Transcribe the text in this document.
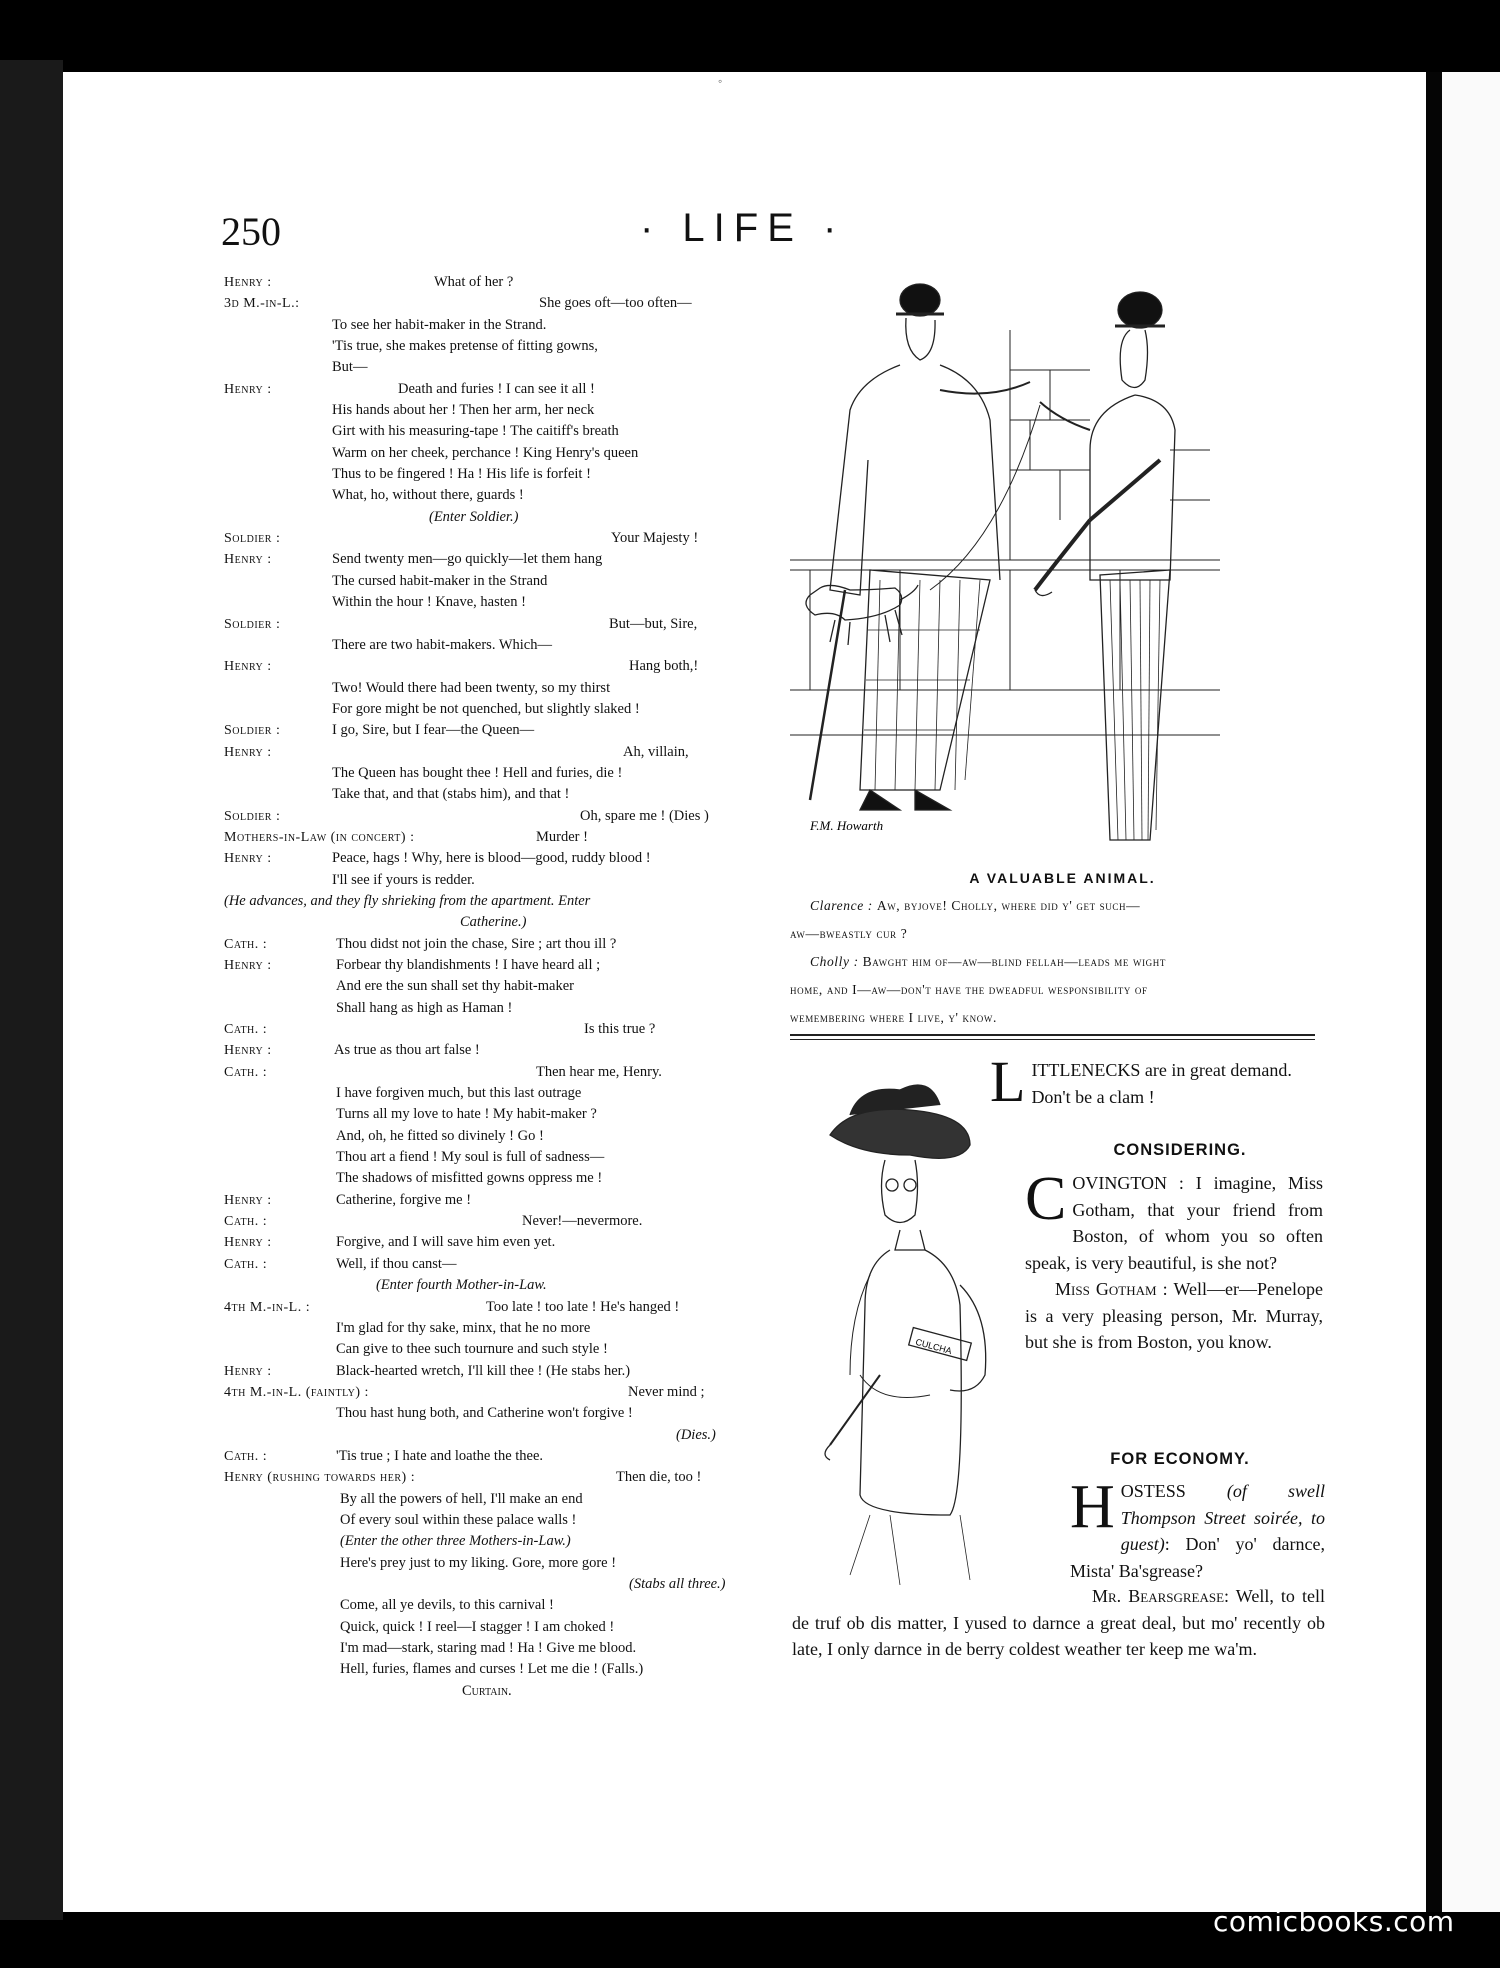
◦
250	· LIFE ·
Henry :	What of her ?
3d M.-in-L.:	She goes oft—too often—
To see her habit-maker in the Strand.
'Tis true, she makes pretense of fitting gowns,
But—
Henry :	Death and furies ! I can see it all !
His hands about her ! Then her arm, her neck
Girt with his measuring-tape ! The caitiff's breath
Warm on her cheek, perchance ! King Henry's queen
Thus to be fingered ! Ha ! His life is forfeit !
What, ho, without there, guards !
(Enter Soldier.)
Soldier :	Your Majesty !
Henry :	Send twenty men—go quickly—let them hang
The cursed habit-maker in the Strand
Within the hour ! Knave, hasten !
Soldier :	But—but, Sire,
There are two habit-makers. Which—
Henry :	Hang both,!
Two! Would there had been twenty, so my thirst
For gore might be not quenched, but slightly slaked !
Soldier :	I go, Sire, but I fear—the Queen—
Henry :	Ah, villain,
The Queen has bought thee ! Hell and furies, die !
Take that, and that (stabs him), and that !
Soldier :	Oh, spare me ! (Dies )
Mothers-in-Law (in concert) :	Murder !
Henry :	Peace, hags ! Why, here is blood—good, ruddy blood !
I'll see if yours is redder.
(He advances, and they fly shrieking from the apartment. Enter
Catherine.)
Cath. :	Thou didst not join the chase, Sire ; art thou ill ?
Henry :	Forbear thy blandishments ! I have heard all ;
And ere the sun shall set thy habit-maker
Shall hang as high as Haman !
Cath. :	Is this true ?
Henry :	As true as thou art false !
Cath. :	Then hear me, Henry.
I have forgiven much, but this last outrage
Turns all my love to hate ! My habit-maker ?
And, oh, he fitted so divinely ! Go !
Thou art a fiend ! My soul is full of sadness—
The shadows of misfitted gowns oppress me !
Henry :	Catherine, forgive me !
Cath. :	Never!—nevermore.
Henry :	Forgive, and I will save him even yet.
Cath. :	Well, if thou canst—
(Enter fourth Mother-in-Law.
4th M.-in-L. :	Too late ! too late ! He's hanged !
I'm glad for thy sake, minx, that he no more
Can give to thee such tournure and such style !
Henry :	Black-hearted wretch, I'll kill thee ! (He stabs her.)
4th M.-in-L. (faintly) :	Never mind ;
Thou hast hung both, and Catherine won't forgive !
(Dies.)
Cath. :	'Tis true ; I hate and loathe the thee.
Henry (rushing towards her) :	Then die, too !
By all the powers of hell, I'll make an end
Of every soul within these palace walls !
(Enter the other three Mothers-in-Law.)
Here's prey just to my liking. Gore, more gore !
(Stabs all three.)
Come, all ye devils, to this carnival !
Quick, quick ! I reel—I stagger ! I am choked !
I'm mad—stark, staring mad ! Ha ! Give me blood.
Hell, furies, flames and curses ! Let me die ! (Falls.)
Curtain.
F.M. Howarth
A VALUABLE ANIMAL.
Clarence : Aw, byjove! Cholly, where did y' get such—
aw—bweastly cur ?
Cholly : Bawght him of—aw—blind fellah—leads me wight
home, and I—aw—don't have the dweadful wesponsibility of
wemembering where I live, y' know.
CULCHA
LITTLENECKS are in great demand. Don't be a clam !
CONSIDERING.
COVINGTON : I imagine, Miss Gotham, that your friend from Boston, of whom you so often speak, is very beautiful, is she not?
Miss Gotham : Well—er—Penelope is a very pleasing person, Mr. Murray, but she is from Boston, you know.
FOR ECONOMY.
HOSTESS (of swell Thompson Street soirée, to guest): Don' yo' darnce, Mista' Ba'sgrease?
Mr. Bearsgrease: Well, to tell de truf ob dis matter, I yused to darnce a great deal, but mo' recently ob late, I only darnce in de berry coldest weather ter keep me wa'm.
comicbooks.com
